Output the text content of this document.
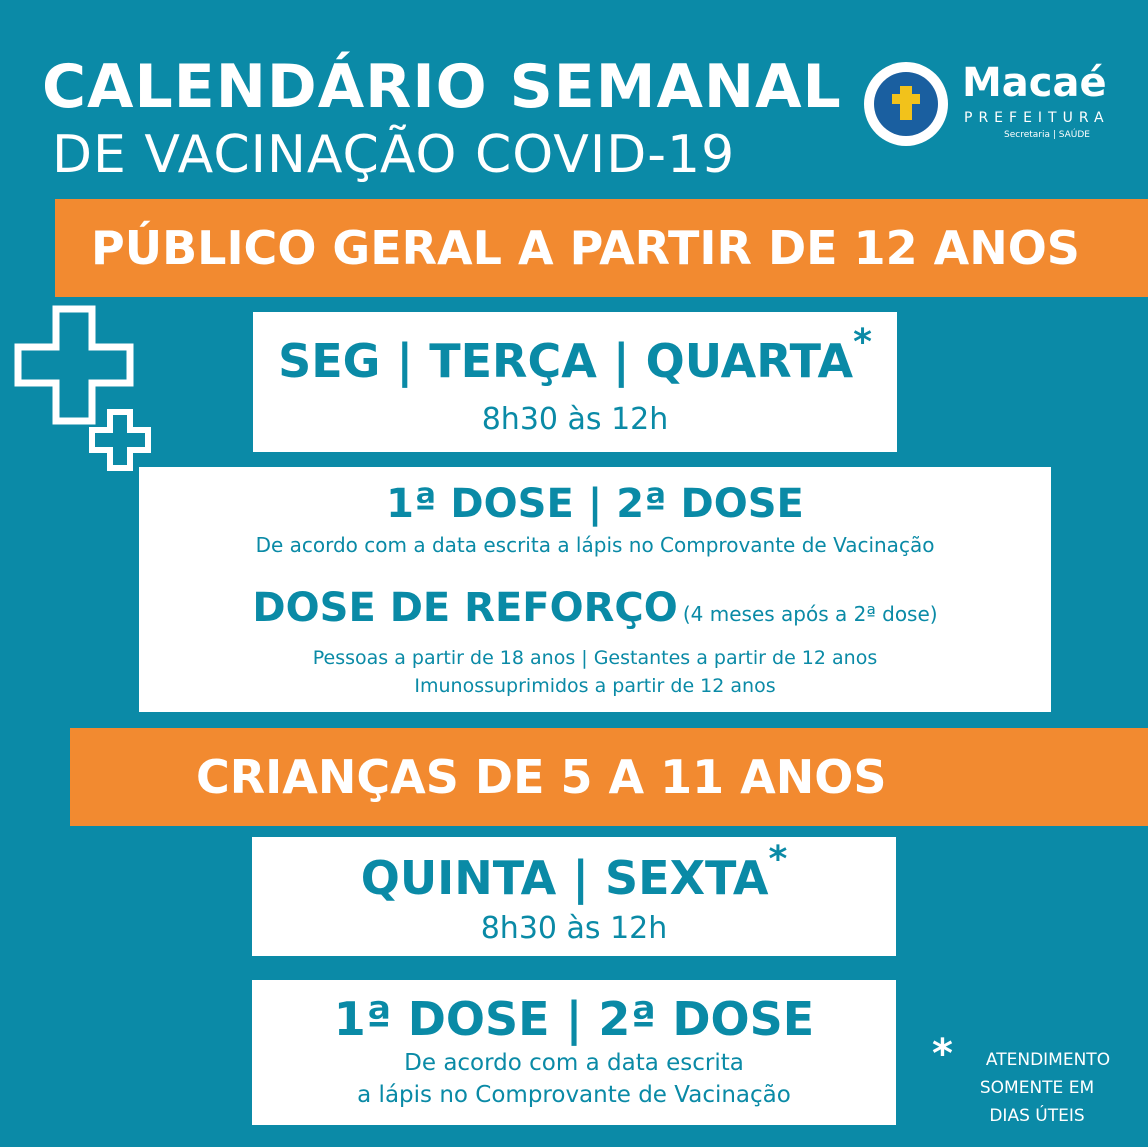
CALENDÁRIO SEMANAL
DE VACINAÇÃO COVID-19
Macaé
PREFEITURA
Secretaria | SAÚDE
PÚBLICO GERAL A PARTIR DE 12 ANOS
SEG | TERÇA | QUARTA*
8h30 às 12h
1ª DOSE | 2ª DOSE
De acordo com a data escrita a lápis no Comprovante de Vacinação
DOSE DE REFORÇO (4 meses após a 2ª dose)
Pessoas a partir de 18 anos | Gestantes a partir de 12 anos
Imunossuprimidos a partir de 12 anos
CRIANÇAS DE 5 A 11 ANOS
QUINTA | SEXTA*
8h30 às 12h
1ª DOSE | 2ª DOSE
De acordo com a data escrita
a lápis no Comprovante de Vacinação
*	ATENDIMENTO
SOMENTE EM
DIAS ÚTEIS
